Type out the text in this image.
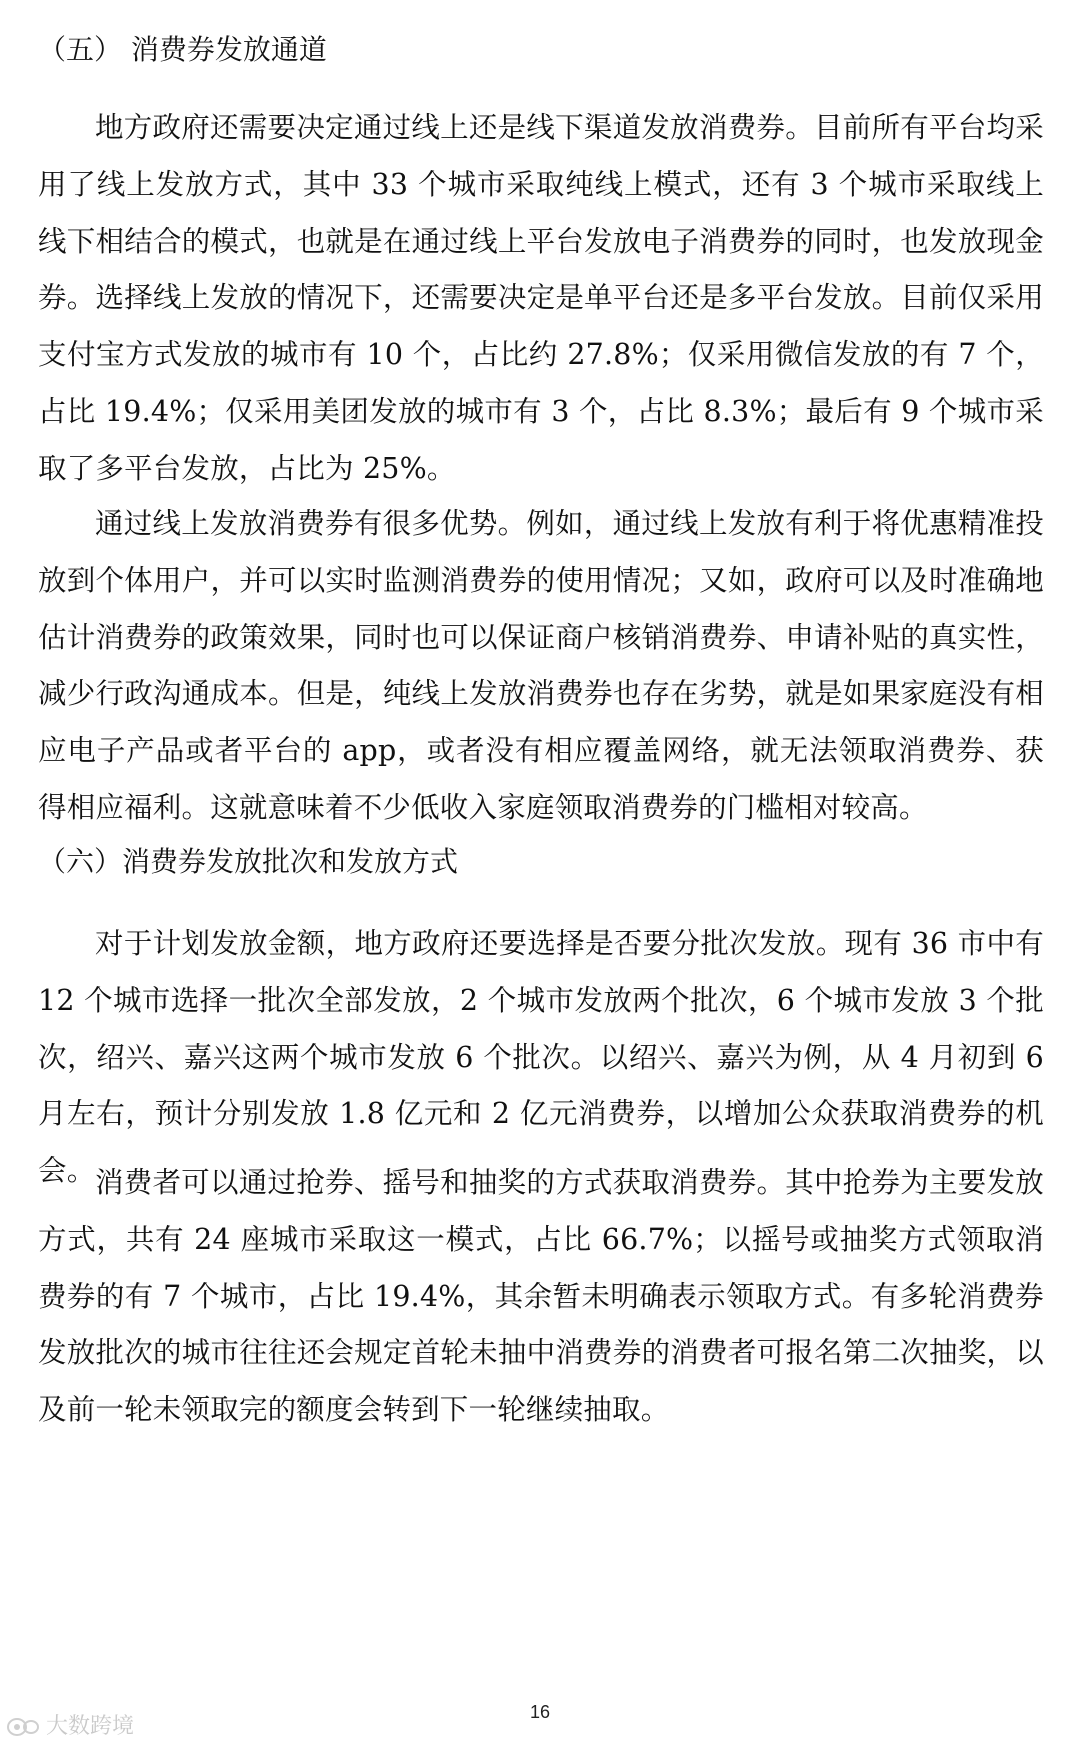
（五） 消费券发放通道

地方政府还需要决定通过线上还是线下渠道发放消费券。目前所有平台均采用了线上发放方式，其中 33 个城市采取纯线上模式，还有 3 个城市采取线上线下相结合的模式，也就是在通过线上平台发放电子消费券的同时，也发放现金券。选择线上发放的情况下，还需要决定是单平台还是多平台发放。目前仅采用支付宝方式发放的城市有 10 个，占比约 27.8%；仅采用微信发放的有 7 个，占比 19.4%；仅采用美团发放的城市有 3 个，占比 8.3%；最后有 9 个城市采取了多平台发放，占比为 25%。

通过线上发放消费券有很多优势。例如，通过线上发放有利于将优惠精准投放到个体用户，并可以实时监测消费券的使用情况；又如，政府可以及时准确地估计消费券的政策效果，同时也可以保证商户核销消费券、申请补贴的真实性，减少行政沟通成本。但是，纯线上发放消费券也存在劣势，就是如果家庭没有相应电子产品或者平台的 app，或者没有相应覆盖网络，就无法领取消费券、获得相应福利。这就意味着不少低收入家庭领取消费券的门槛相对较高。

（六）消费券发放批次和发放方式

对于计划发放金额，地方政府还要选择是否要分批次发放。现有 36 市中有 12 个城市选择一批次全部发放，2 个城市发放两个批次，6 个城市发放 3 个批次，绍兴、嘉兴这两个城市发放 6 个批次。以绍兴、嘉兴为例，从 4 月初到 6 月左右，预计分别发放 1.8 亿元和 2 亿元消费券，以增加公众获取消费券的机会。 消费者可以通过抢券、摇号和抽奖的方式获取消费券。其中抢券为主要发放方式，共有 24 座城市采取这一模式，占比 66.7%；以摇号或抽奖方式领取消费券的有 7 个城市，占比 19.4%，其余暂未明确表示领取方式。有多轮消费券发放批次的城市往往还会规定首轮未抽中消费券的消费者可报名第二次抽奖，以及前一轮未领取完的额度会转到下一轮继续抽取。

16
大数跨境
